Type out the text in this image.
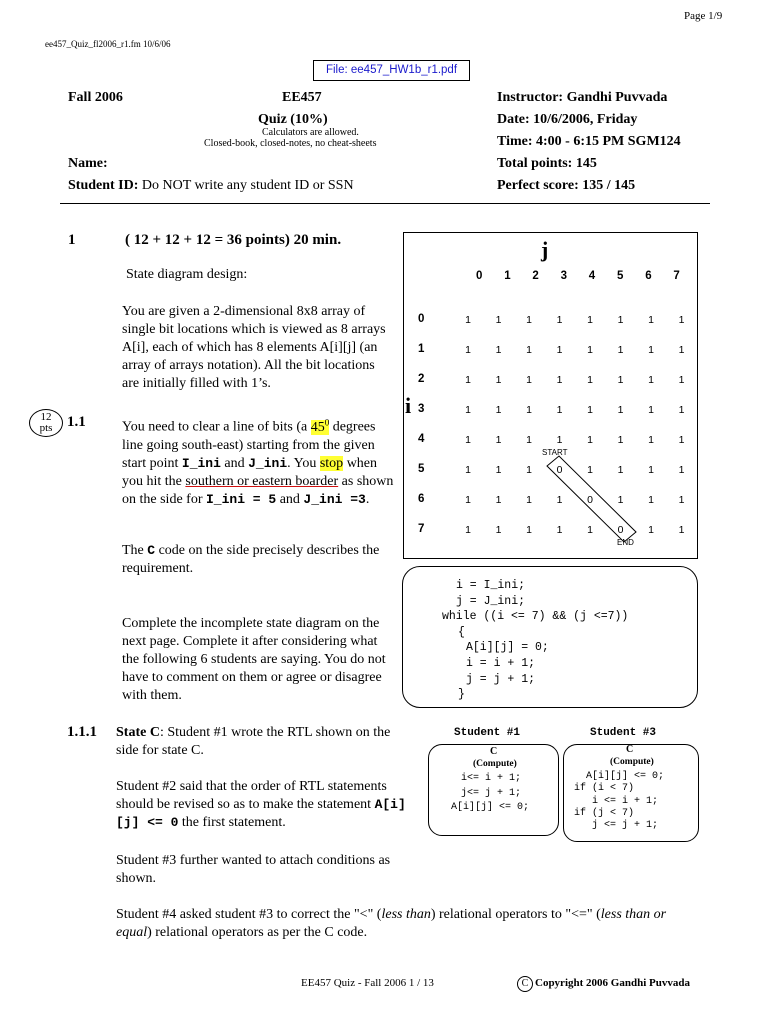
Page 1/9
ee457_Quiz_fl2006_r1.fm 10/6/06
File: ee457_HW1b_r1.pdf
Fall 2006	EE457
Quiz (10%)
Calculators are allowed.
Closed-book, closed-notes, no cheat-sheets
Name:
Student ID: Do NOT write any student ID or SSN
Instructor: Gandhi Puvvada
Date: 10/6/2006, Friday
Time: 4:00 - 6:15 PM SGM124
Total points: 145
Perfect score: 135 / 145
1	( 12 + 12 + 12 = 36 points) 20 min.
State diagram design:
You are given a 2-dimensional 8x8 array of single bit locations which is viewed as 8 arrays A[i], each of which has 8 elements A[i][j] (an array of arrays notation). All the bit locations are initially filled with 1’s.
12
pts 1.1	You need to clear a line of bits (a $45^0$ degrees line going south-east) starting from the given start point I_ini and J_ini. You stop when you hit the southern or eastern boarder as shown on the side for I_ini = 5 and J_ini =3.
The C code on the side precisely describes the requirement.
Complete the incomplete state diagram on the next page. Complete it after considering what the following 6 students are saying. You do not have to comment on them or agree or disagree with them.
1.1.1 State C: Student #1 wrote the RTL shown on the side for state C.
Student #2 said that the order of RTL statements should be revised so as to make the statement A[i][j] <= 0 the first statement.
Student #3 further wanted to attach conditions as shown.
Student #4 asked student #3 to correct the "<" (less than) relational operators to "<=" (less than or equal) relational operators as per the C code.
j
i
0 1 2 3 4 5 6 7
0	1 1 1 1 1 1 1 1
1	1 1 1 1 1 1 1 1
2	1 1 1 1 1 1 1 1
3	1 1 1 1 1 1 1 1
4	1 1 1 1 1 1 1 1
5	1 1 1 0 1 1 1 1
6	1 1 1 1 0 1 1 1
7	1 1 1 1 1 0 1 1
START
END
i = I_ini;
j = J_ini;
while ((i <= 7) && (j <=7))
{
A[i][j] = 0;
i = i + 1;
j = j + 1;
}
Student #1
C
(Compute)
i<= i + 1;
j<= j + 1;
A[i][j] <= 0;
Student #3
C
(Compute)
A[i][j] <= 0;
if (i < 7)
i <= i + 1;
if (j < 7)
j <= j + 1;
EE457 Quiz - Fall 2006 1 / 13	C Copyright 2006 Gandhi Puvvada
